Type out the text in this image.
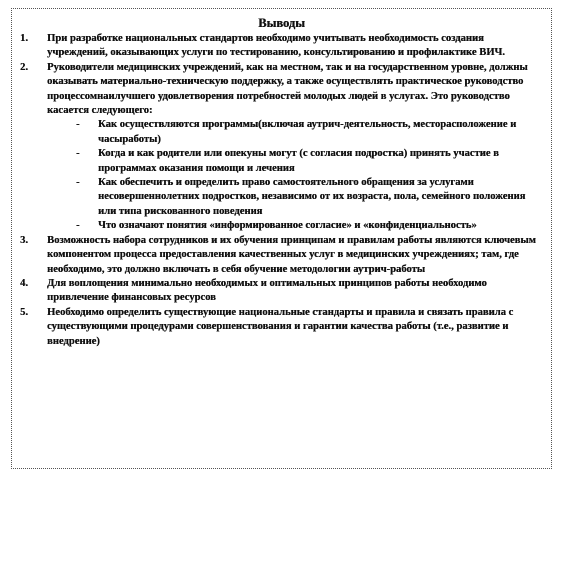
Выводы
1.	При разработке национальных стандартов необходимо учитывать необходимость создания учреждений, оказывающих услуги по тестированию, консультированию и профилактике ВИЧ.
2.	Руководители медицинских учреждений, как на местном, так и на государственном уровне, должны оказывать материально-техническую поддержку, а также осуществлять практическое руководство процессомнаилучшего удовлетворения потребностей молодых людей в услугах. Это руководство касается следующего:
- Как осуществляются программы(включая аутрич-деятельность, месторасположение и часыработы)
- Когда и как родители или опекуны могут (с согласия подростка) принять участие в программах оказания помощи и лечения
- Как обеспечить и определить право самостоятельного обращения за услугами несовершеннолетних подростков, независимо от их возраста, пола, семейного положения или типа рискованного поведения
- Что означают понятия «информированное согласие» и «конфиденциальность»
3.	Возможность набора сотрудников и их обучения принципам и правилам работы являются ключевым компонентом процесса предоставления качественных услуг в медицинских учреждениях; там, где необходимо, это должно включать в себя обучение методологии аутрич-работы
4.	Для воплощения минимально необходимых и оптимальных принципов работы необходимо привлечение финансовых ресурсов
5.	Необходимо определить существующие национальные стандарты и правила и связать правила с существующими процедурами совершенствования и гарантии качества работы (т.е., развитие и внедрение)
